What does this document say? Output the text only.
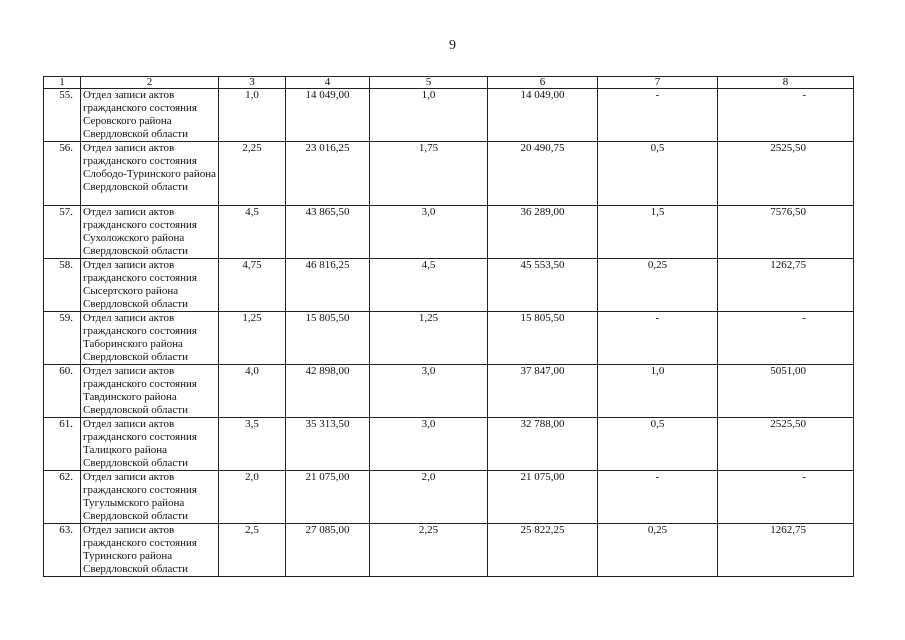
9
1	2	3	4	5	6	7	8
55.	Отдел записи актов гражданского состояния Серовского района Свердловской области	1,0	14 049,00	1,0	14 049,00	-	-
56.	Отдел записи актов гражданского состояния Слободо-Туринского района Свердловской области	2,25	23 016,25	1,75	20 490,75	0,5	2525,50
57.	Отдел записи актов гражданского состояния Сухоложского района Свердловской области	4,5	43 865,50	3,0	36 289,00	1,5	7576,50
58.	Отдел записи актов гражданского состояния Сысертского района Свердловской области	4,75	46 816,25	4,5	45 553,50	0,25	1262,75
59.	Отдел записи актов гражданского состояния Таборинского района Свердловской области	1,25	15 805,50	1,25	15 805,50	-	-
60.	Отдел записи актов гражданского состояния Тавдинского района Свердловской области	4,0	42 898,00	3,0	37 847,00	1,0	5051,00
61.	Отдел записи актов гражданского состояния Талицкого района Свердловской области	3,5	35 313,50	3,0	32 788,00	0,5	2525,50
62.	Отдел записи актов гражданского состояния Тугулымского района Свердловской области	2,0	21 075,00	2,0	21 075,00	-	-
63.	Отдел записи актов гражданского состояния Туринского района Свердловской области	2,5	27 085,00	2,25	25 822,25	0,25	1262,75
